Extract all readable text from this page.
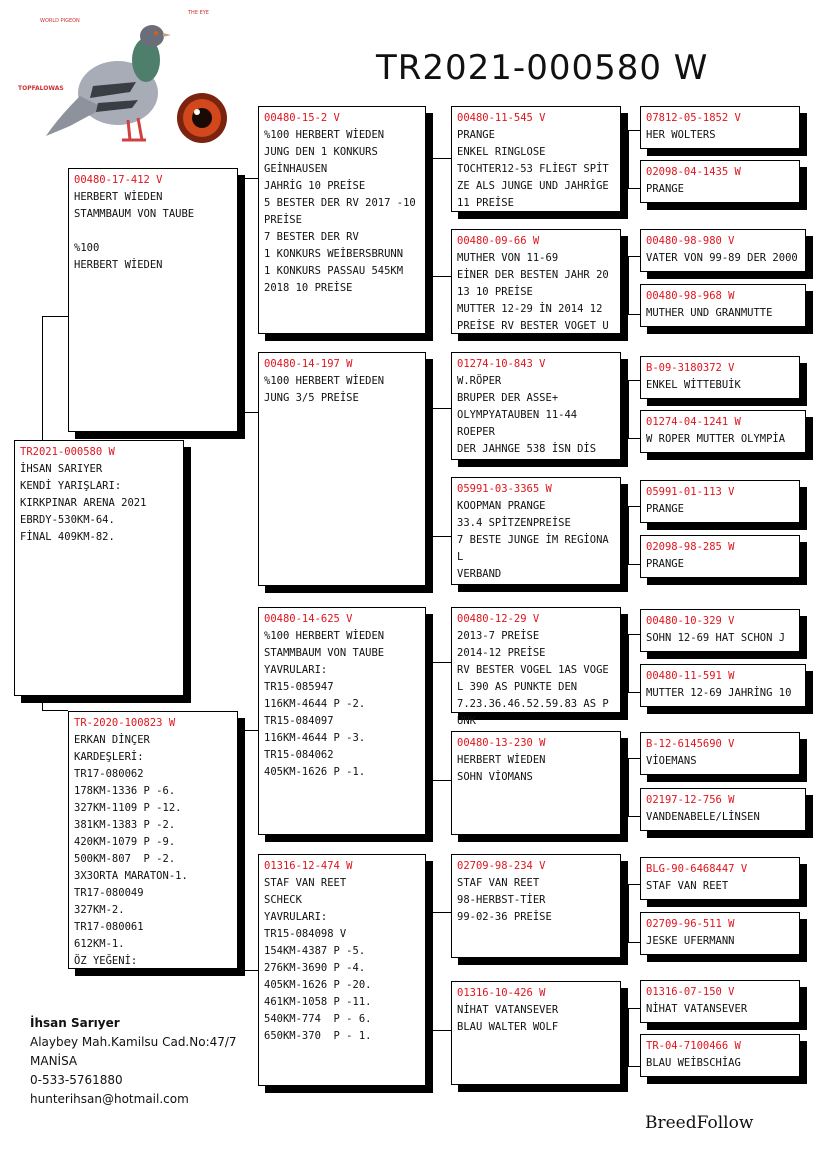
WORLD PIGEON
TOPFALOWAS
THE EYE
TR2021-000580 W
TR2021-000580 W
İHSAN SARIYER
KENDİ YARIŞLARI:
KIRKPINAR ARENA 2021
EBRDY-530KM-64.
FİNAL 409KM-82.
00480-17-412 V
HERBERT WİEDEN
STAMMBAUM VON TAUBE

%100
HERBERT WİEDEN
TR-2020-100823 W
ERKAN DİNÇER
KARDEŞLERİ:
TR17-080062
178KM-1336 P -6.
327KM-1109 P -12.
381KM-1383 P -2.
420KM-1079 P -9.
500KM-807  P -2.
3X3ORTA MARATON-1.
TR17-080049
327KM-2.
TR17-080061
612KM-1.
ÖZ YEĞENİ:
00480-15-2 V
%100 HERBERT WİEDEN
JUNG DEN 1 KONKURS
GEİNHAUSEN
JAHRİG 10 PREİSE
5 BESTER DER RV 2017 -10 PREİSE
7 BESTER DER RV
1 KONKURS WEİBERSBRUNN
1 KONKURS PASSAU 545KM
2018 10 PREİSE
00480-14-197 W
%100 HERBERT WİEDEN
JUNG 3/5 PREİSE
00480-14-625 V
%100 HERBERT WİEDEN
STAMMBAUM VON TAUBE
YAVRULARI:
TR15-085947
116KM-4644 P -2.
TR15-084097
116KM-4644 P -3.
TR15-084062
405KM-1626 P -1.
01316-12-474 W
STAF VAN REET
SCHECK
YAVRULARI:
TR15-084098 V
154KM-4387 P -5.
276KM-3690 P -4.
405KM-1626 P -20.
461KM-1058 P -11.
540KM-774  P - 6.
650KM-370  P - 1.
00480-11-545 V
PRANGE
ENKEL RINGLOSE
TOCHTER12-53 FLİEGT SPİTZE ALS JUNGE UND JAHRİGE 11 PREİSE
00480-09-66 W
MUTHER VON 11-69
EİNER DER BESTEN JAHR 2013 10 PREİSE
MUTTER 12-29 İN 2014 12 PREİSE RV BESTER VOGET U
01274-10-843 V
W.RÖPER
BRUPER DER ASSE+
OLYMPYATAUBEN 11-44
ROEPER
DER JAHNGE 538 İSN DİS
05991-03-3365 W
KOOPMAN PRANGE
33.4 SPİTZENPREİSE
7 BESTE JUNGE İM REGİONAL
VERBAND
00480-12-29 V
2013-7 PREİSE
2014-12 PREİSE
RV BESTER VOGEL 1AS VOGEL 390 AS PUNKTE DEN
7.23.36.46.52.59.83 AS PUNK
00480-13-230 W
HERBERT WİEDEN
SOHN VİOMANS
02709-98-234 V
STAF VAN REET
98-HERBST-TİER
99-02-36 PREİSE
01316-10-426 W
NİHAT VATANSEVER
BLAU WALTER WOLF
07812-05-1852 V
HER WOLTERS
02098-04-1435 W
PRANGE
00480-98-980 V
VATER VON 99-89 DER 2000
00480-98-968 W
MUTHER UND GRANMUTTE
B-09-3180372 V
ENKEL WİTTEBUİK
01274-04-1241 W
W ROPER MUTTER OLYMPİA
05991-01-113 V
PRANGE
02098-98-285 W
PRANGE
00480-10-329 V
SOHN 12-69 HAT SCHON J
00480-11-591 W
MUTTER 12-69 JAHRİNG 10
B-12-6145690 V
VİOEMANS
02197-12-756 W
VANDENABELE/LİNSEN
BLG-90-6468447 V
STAF VAN REET
02709-96-511 W
JESKE UFERMANN
01316-07-150 V
NİHAT VATANSEVER
TR-04-7100466 W
BLAU WEİBSCHİAG
İhsan Sarıyer
Alaybey Mah.Kamilsu Cad.No:47/7
MANİSA
0-533-5761880
hunterihsan@hotmail.com
BreedFollow
